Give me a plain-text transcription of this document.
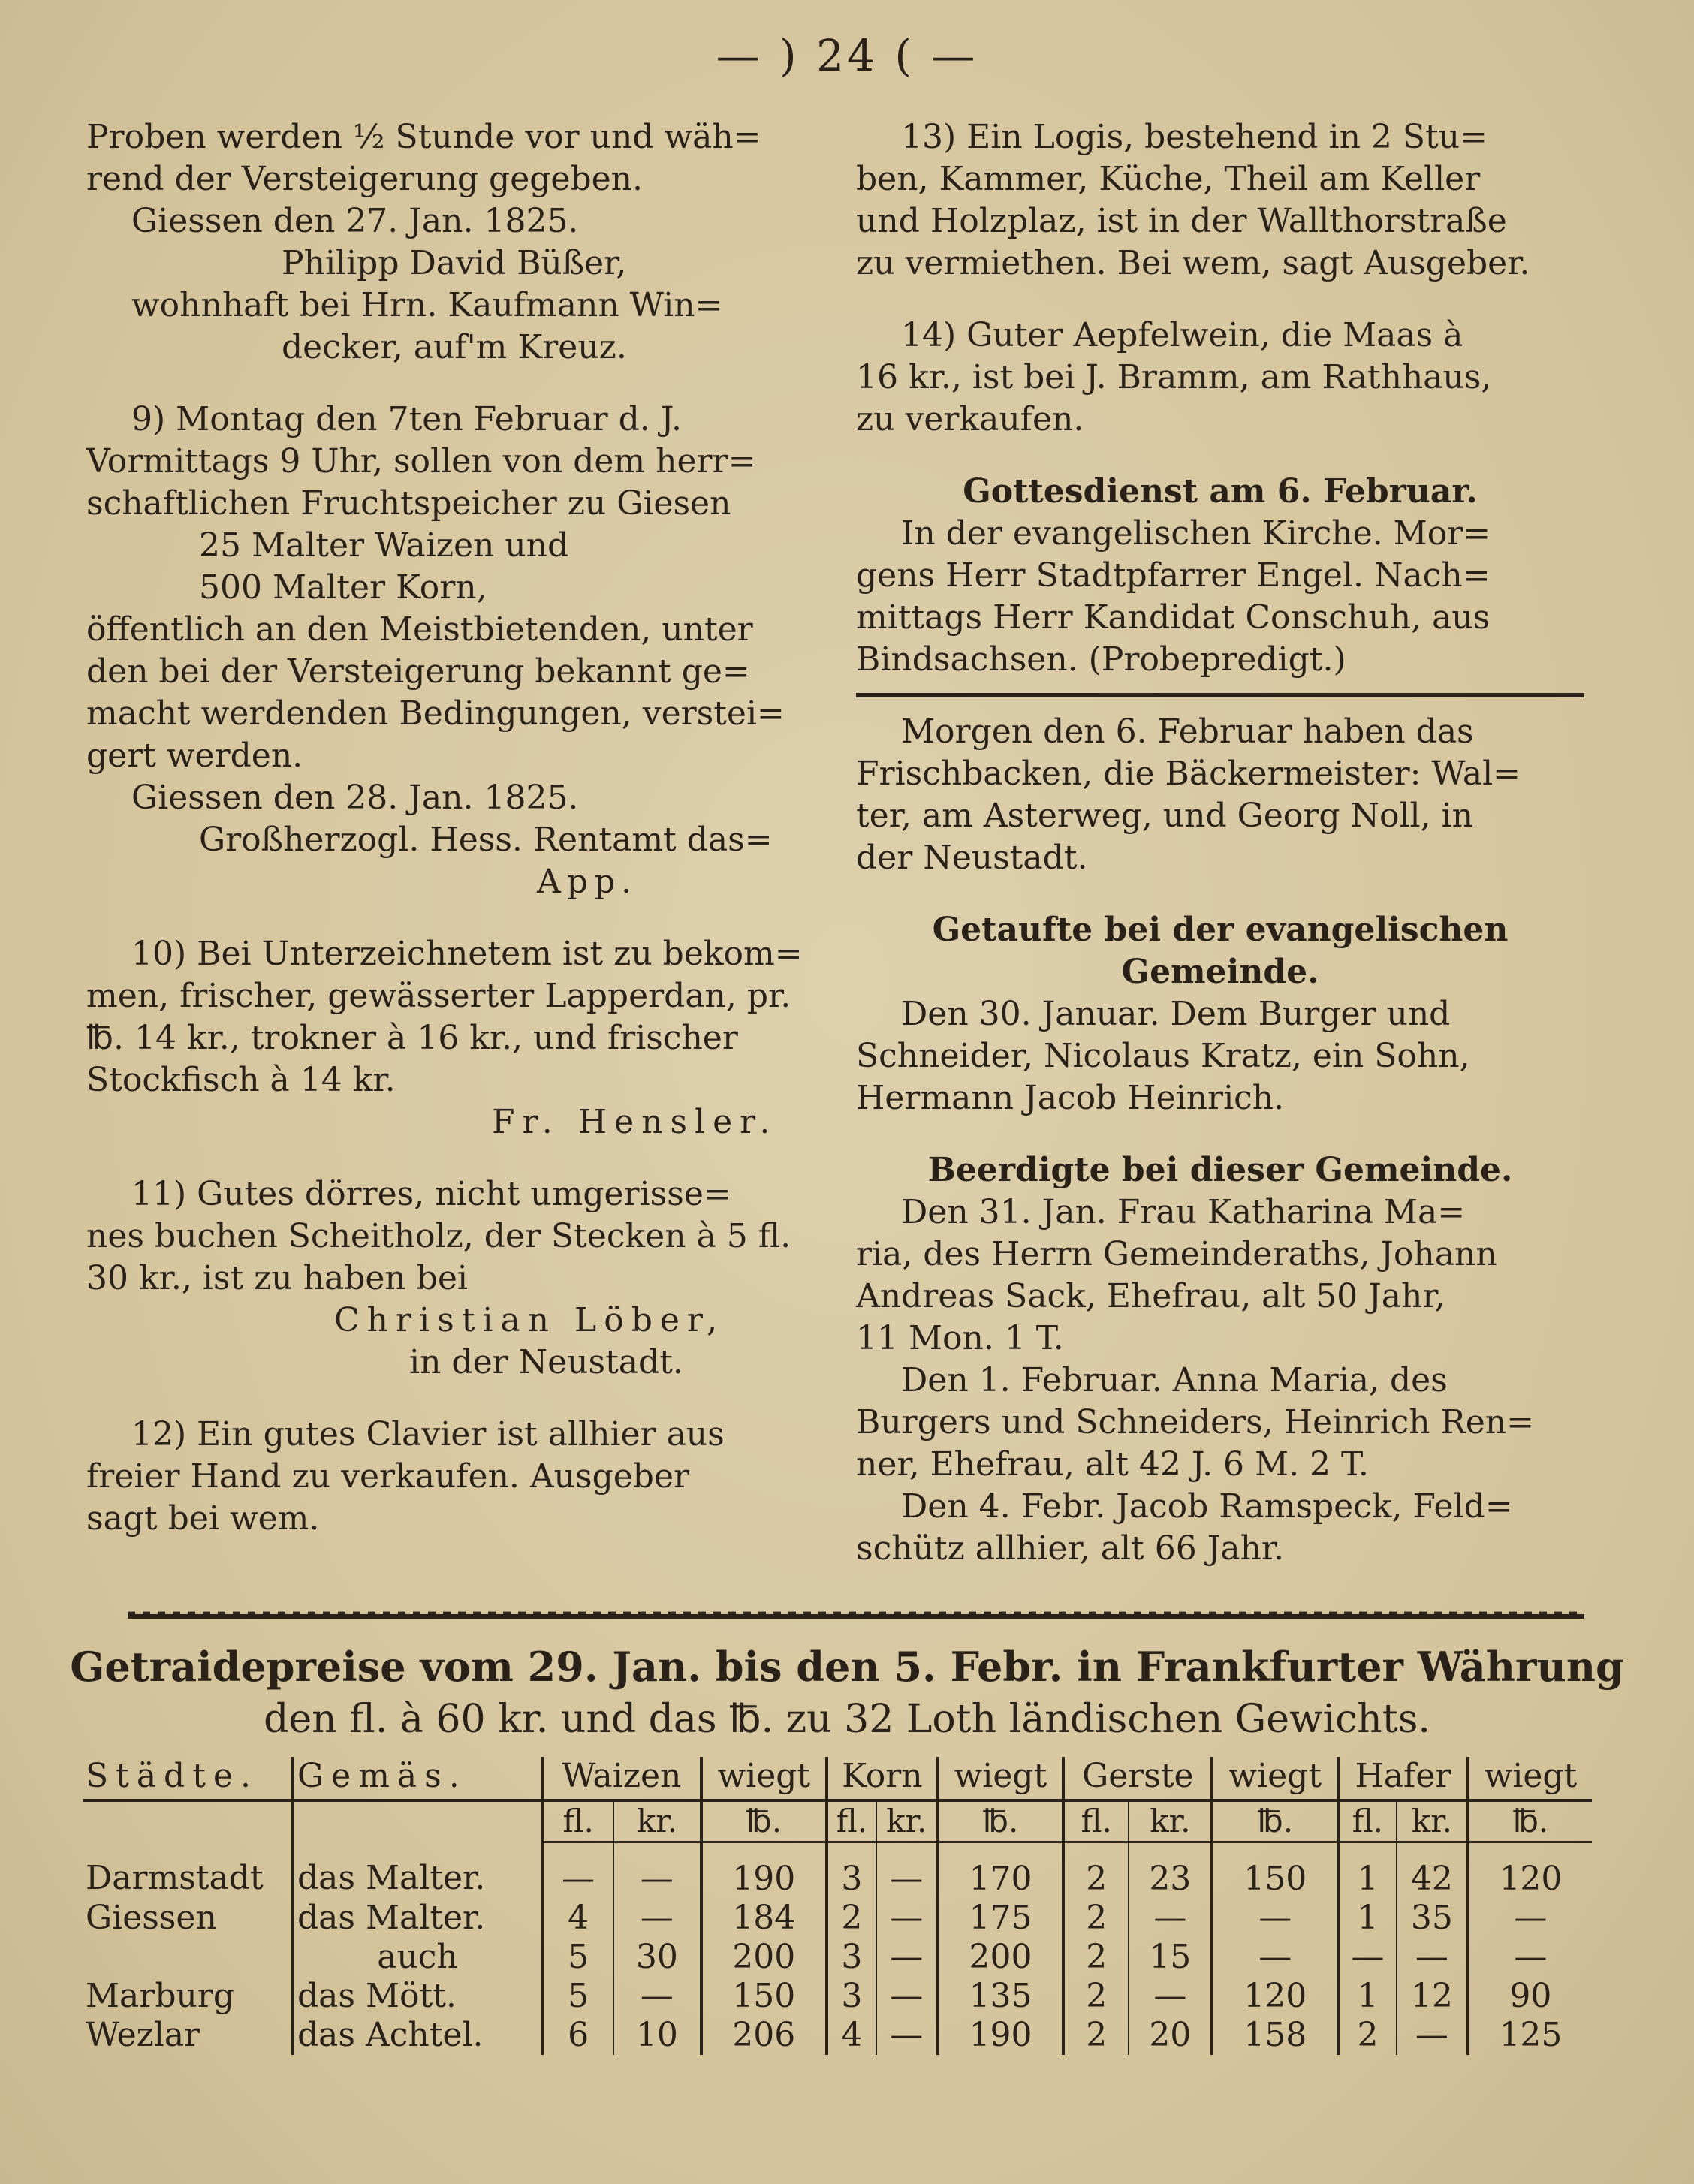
— ) 24 ( —

Proben werden ½ Stunde vor und wäh=

rend der Versteigerung gegeben.

Giessen den 27. Jan. 1825.

Philipp David Büßer,

wohnhaft bei Hrn. Kaufmann Win=

decker, auf'm Kreuz.

9) Montag den 7ten Februar d. J.

Vormittags 9 Uhr, sollen von dem herr=

schaftlichen Fruchtspeicher zu Giesen

25 Malter Waizen und

500 Malter Korn,

öffentlich an den Meistbietenden, unter

den bei der Versteigerung bekannt ge=

macht werdenden Bedingungen, verstei=

gert werden.

Giessen den 28. Jan. 1825.

Großherzogl. Hess. Rentamt das=

App.

10) Bei Unterzeichnetem ist zu bekom=

men, frischer, gewässerter Lapperdan, pr.

℔. 14 kr., trokner à 16 kr., und frischer

Stockfisch à 14 kr.

Fr. Hensler.

11) Gutes dörres, nicht umgerisse=

nes buchen Scheitholz, der Stecken à 5 fl.

30 kr., ist zu haben bei

Christian Löber,

in der Neustadt.

12) Ein gutes Clavier ist allhier aus

freier Hand zu verkaufen. Ausgeber

sagt bei wem.

13) Ein Logis, bestehend in 2 Stu=

ben, Kammer, Küche, Theil am Keller

und Holzplaz, ist in der Wallthorstraße

zu vermiethen. Bei wem, sagt Ausgeber.

14) Guter Aepfelwein, die Maas à

16 kr., ist bei J. Bramm, am Rathhaus,

zu verkaufen.

Gottesdienst am 6. Februar.

In der evangelischen Kirche. Mor=

gens Herr Stadtpfarrer Engel. Nach=

mittags Herr Kandidat Conschuh, aus

Bindsachsen. (Probepredigt.)

Morgen den 6. Februar haben das

Frischbacken, die Bäckermeister: Wal=

ter, am Asterweg, und Georg Noll, in

der Neustadt.

Getaufte bei der evangelischen

Gemeinde.

Den 30. Januar. Dem Burger und

Schneider, Nicolaus Kratz, ein Sohn,

Hermann Jacob Heinrich.

Beerdigte bei dieser Gemeinde.

Den 31. Jan. Frau Katharina Ma=

ria, des Herrn Gemeinderaths, Johann

Andreas Sack, Ehefrau, alt 50 Jahr,

11 Mon. 1 T.

Den 1. Februar. Anna Maria, des

Burgers und Schneiders, Heinrich Ren=

ner, Ehefrau, alt 42 J. 6 M. 2 T.

Den 4. Febr. Jacob Ramspeck, Feld=

schütz allhier, alt 66 Jahr.

Getraidepreise vom 29. Jan. bis den 5. Febr. in Frankfurter Währung
den fl. à 60 kr. und das ℔. zu 32 Loth ländischen Gewichts.
Städte.	Gemäs.	Waizen		wiegt	Korn		wiegt	Gerste		wiegt	Hafer		wiegt
		fl.	kr.	℔.	fl.	kr.	℔.	fl.	kr.	℔.	fl.	kr.	℔.
Darmstadt	das Malter.	—	—	190	3	—	170	2	23	150	1	42	120
Giessen	das Malter.	4	—	184	2	—	175	2	—	—	1	35	—
	auch	5	30	200	3	—	200	2	15	—	—	—	—
Marburg	das Mött.	5	—	150	3	—	135	2	—	120	1	12	90
Wezlar	das Achtel.	6	10	206	4	—	190	2	20	158	2	—	125
